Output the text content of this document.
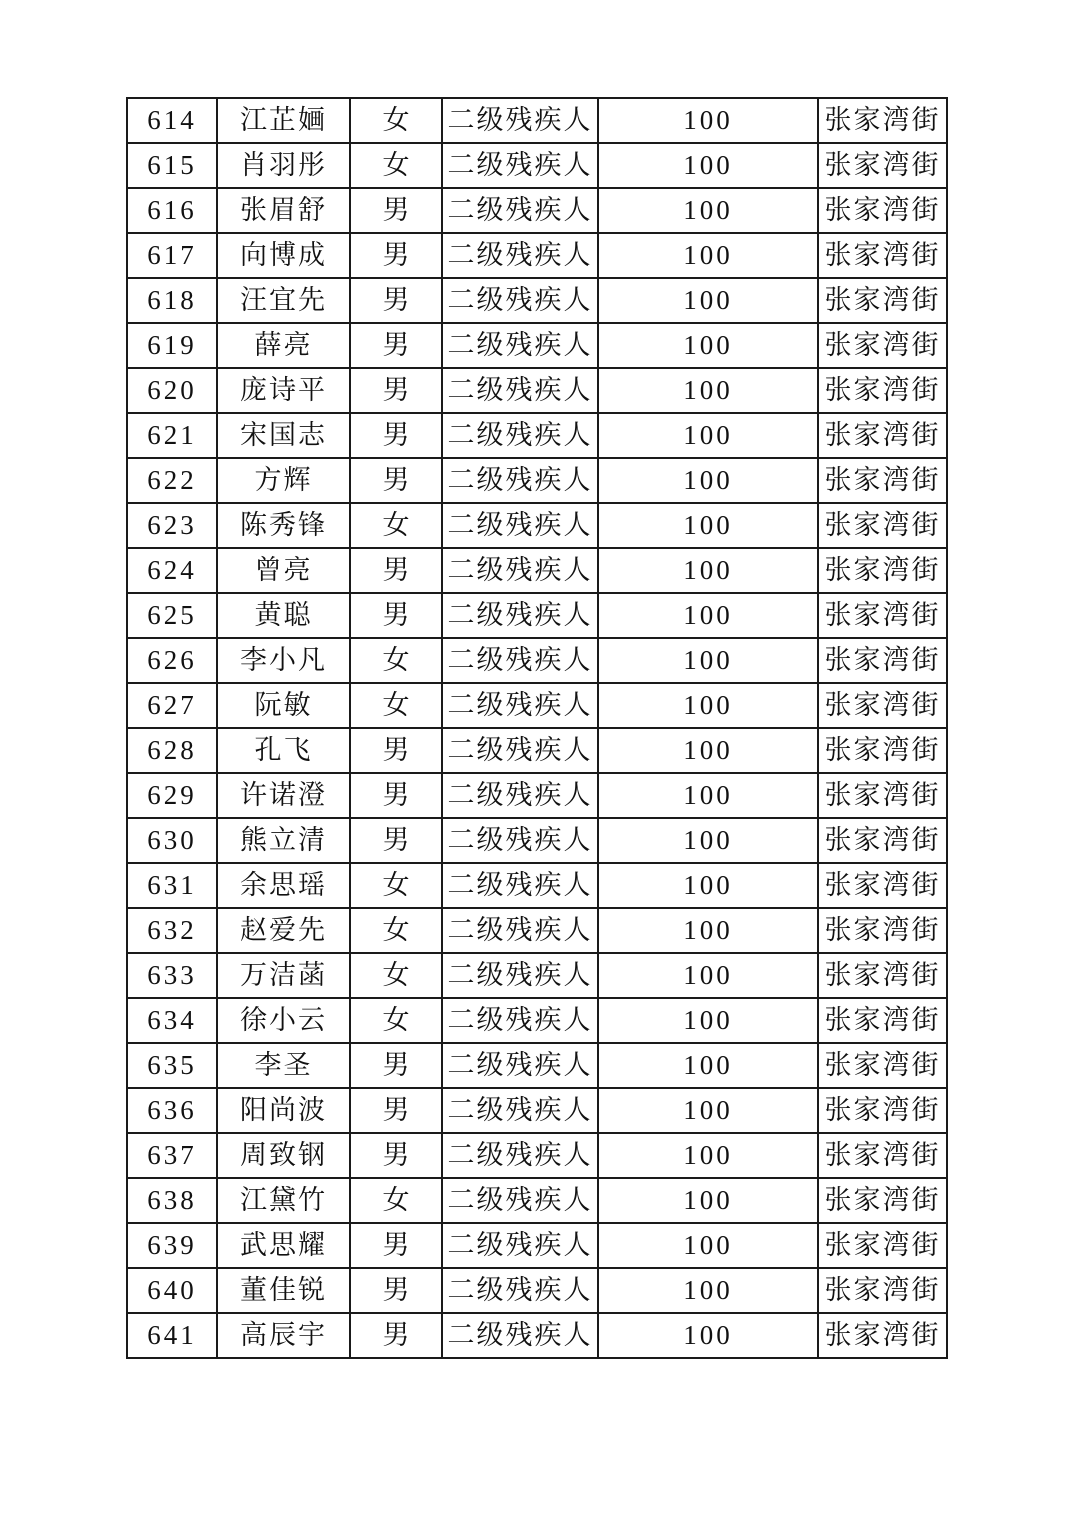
614	江芷婳	女	二级残疾人	100	张家湾街
615	肖羽彤	女	二级残疾人	100	张家湾街
616	张眉舒	男	二级残疾人	100	张家湾街
617	向博成	男	二级残疾人	100	张家湾街
618	汪宜先	男	二级残疾人	100	张家湾街
619	薛亮	男	二级残疾人	100	张家湾街
620	庞诗平	男	二级残疾人	100	张家湾街
621	宋国志	男	二级残疾人	100	张家湾街
622	方辉	男	二级残疾人	100	张家湾街
623	陈秀锋	女	二级残疾人	100	张家湾街
624	曾亮	男	二级残疾人	100	张家湾街
625	黄聪	男	二级残疾人	100	张家湾街
626	李小凡	女	二级残疾人	100	张家湾街
627	阮敏	女	二级残疾人	100	张家湾街
628	孔飞	男	二级残疾人	100	张家湾街
629	许诺澄	男	二级残疾人	100	张家湾街
630	熊立清	男	二级残疾人	100	张家湾街
631	余思瑶	女	二级残疾人	100	张家湾街
632	赵爱先	女	二级残疾人	100	张家湾街
633	万洁菡	女	二级残疾人	100	张家湾街
634	徐小云	女	二级残疾人	100	张家湾街
635	李圣	男	二级残疾人	100	张家湾街
636	阳尚波	男	二级残疾人	100	张家湾街
637	周致钢	男	二级残疾人	100	张家湾街
638	江黛竹	女	二级残疾人	100	张家湾街
639	武思耀	男	二级残疾人	100	张家湾街
640	董佳锐	男	二级残疾人	100	张家湾街
641	高辰宇	男	二级残疾人	100	张家湾街
